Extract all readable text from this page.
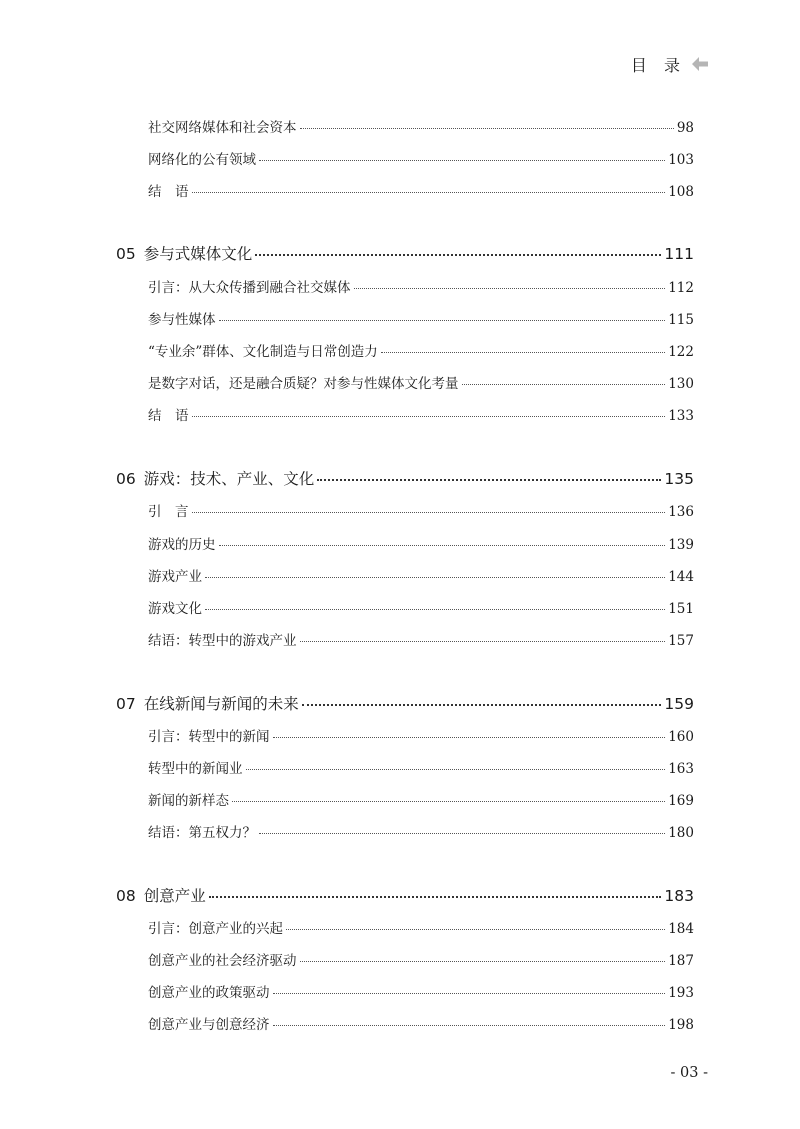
目 录
社交网络媒体和社会资本	98
网络化的公有领域	103
结　语	108
05 参与式媒体文化	111
引言：从大众传播到融合社交媒体	112
参与性媒体	115
“专业余”群体、文化制造与日常创造力	122
是数字对话，还是融合质疑？对参与性媒体文化考量	130
结　语	133
06 游戏：技术、产业、文化	135
引　言	136
游戏的历史	139
游戏产业	144
游戏文化	151
结语：转型中的游戏产业	157
07 在线新闻与新闻的未来	159
引言：转型中的新闻	160
转型中的新闻业	163
新闻的新样态	169
结语：第五权力？	180
08 创意产业	183
引言：创意产业的兴起	184
创意产业的社会经济驱动	187
创意产业的政策驱动	193
创意产业与创意经济	198
- 03 -
